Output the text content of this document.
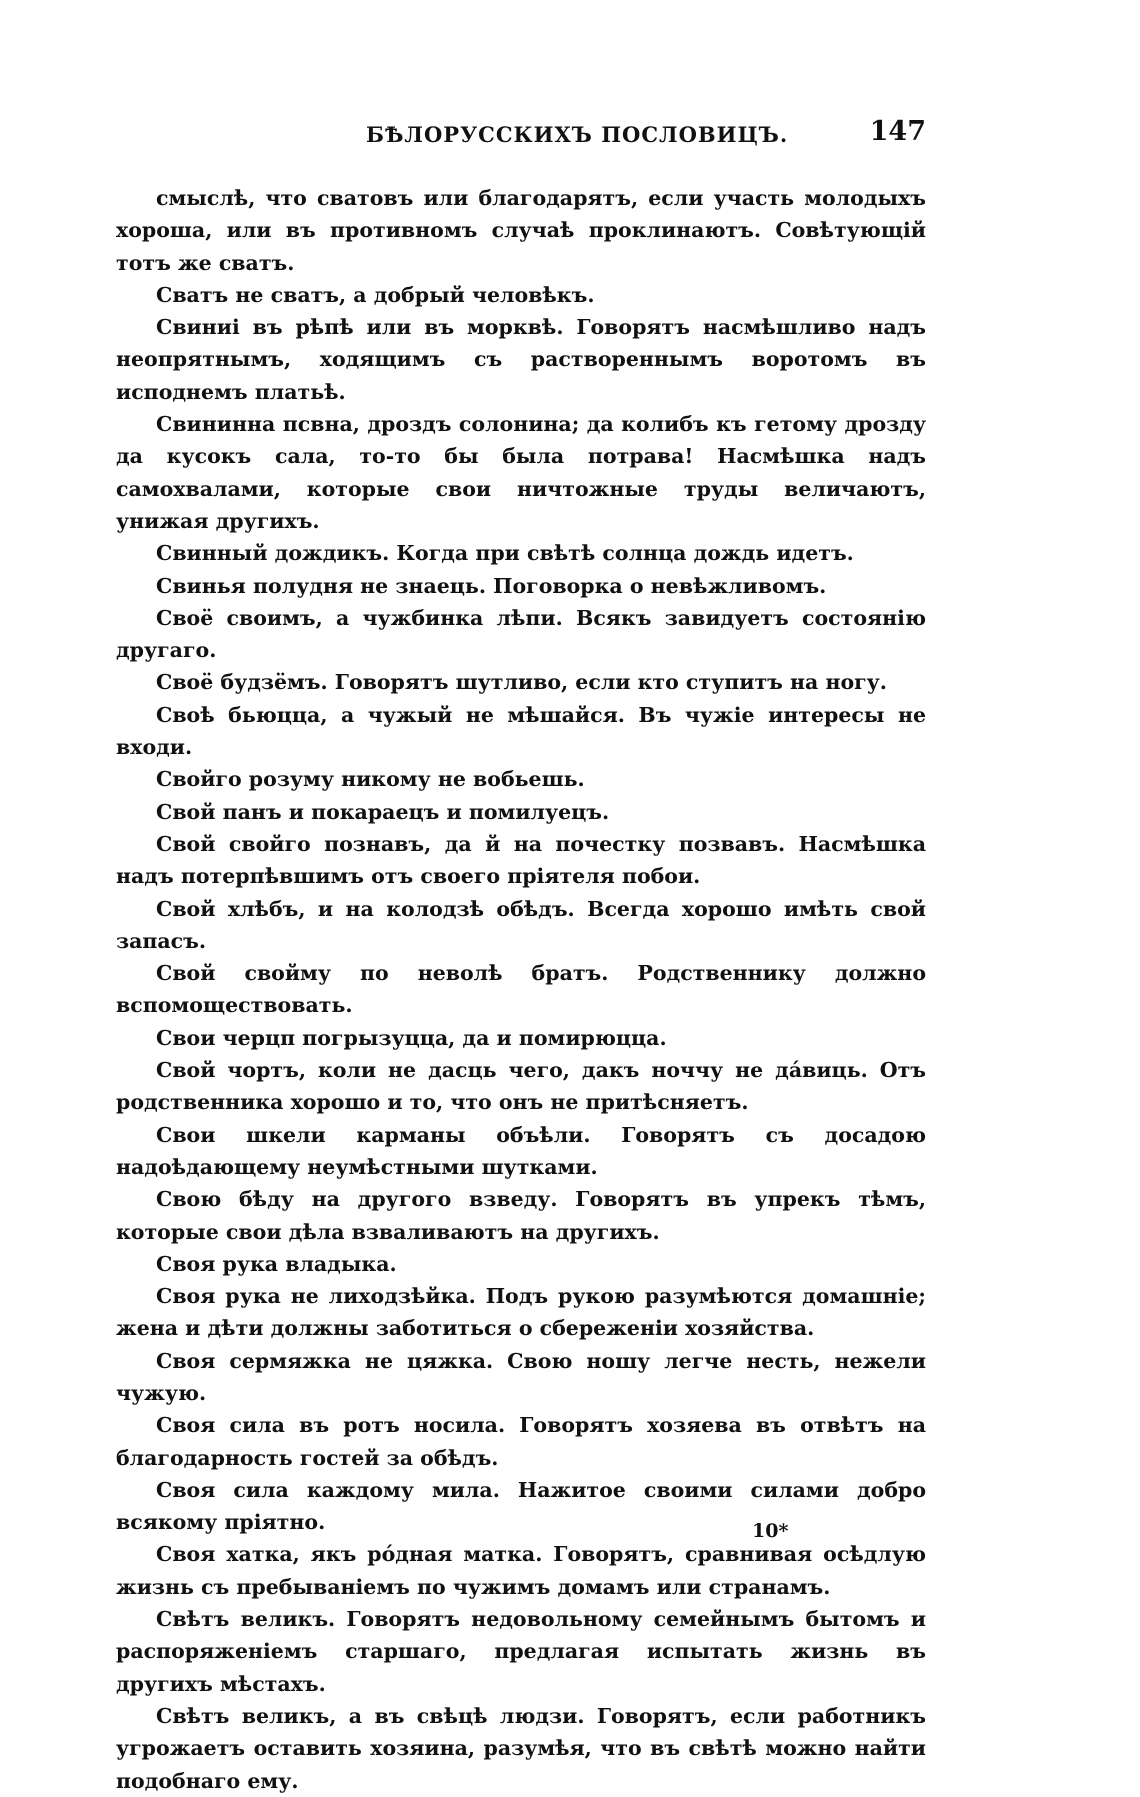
БѢЛОРУССКИХЪ ПОСЛОВИЦЪ.	147

смыслѣ, что сватовъ или благодарятъ, если участь молодыхъ хороша, или въ противномъ случаѣ проклинаютъ. Совѣтующій тотъ же сватъ.

Сватъ не сватъ, а добрый человѣкъ.

Свиниi въ рѣпѣ или въ морквѣ. Говорятъ насмѣшливо надъ неопрятнымъ, ходящимъ съ раствореннымъ воротомъ въ исподнемъ платьѣ.

Свининна псвна, дроздъ солонина; да колибъ къ гетому дрозду да кусокъ сала, то-то бы была потрава! Насмѣшка надъ самохвалами, которые свои ничтожные труды величаютъ, унижая другихъ.

Свинный дождикъ. Когда при свѣтѣ солнца дождь идетъ.

Свинья полудня не знаець. Поговорка о невѣжливомъ.

Своё своимъ, а чужбинка лѣпи. Всякъ завидуетъ состоянію другаго.

Своё будзёмъ. Говорятъ шутливо, если кто ступитъ на ногу.

Своѣ бьюцца, а чужый не мѣшайся. Въ чужіе интересы не входи.

Свойго розуму никому не вобьешь.

Свой панъ и покараецъ и помилуецъ.

Свой свойго познавъ, да й на почестку позвавъ. Насмѣшка надъ потерпѣвшимъ отъ своего пріятеля побои.

Свой хлѣбъ, и на колодзѣ обѣдъ. Всегда хорошо имѣть свой запасъ.

Свой свойму по неволѣ братъ. Родственнику должно вспомоществовать.

Свои черцп погрызуцца, да и помирюцца.

Свой чортъ, коли не дасць чего, дакъ ноччу не дáвиць. Отъ родственника хорошо и то, что онъ не притѣсняетъ.

Свои шкели карманы объѣли. Говорятъ съ досадою надоѣдающему неумѣстными шутками.

Свою бѣду на другого взведу. Говорятъ въ упрекъ тѣмъ, которые свои дѣла взваливаютъ на другихъ.

Своя рука владыка.

Своя рука не лиходзѣйка. Подъ рукою разумѣются домашніе; жена и дѣти должны заботиться о сбереженіи хозяйства.

Своя сермяжка не цяжка. Свою ношу легче несть, нежели чужую.

Своя сила въ ротъ носила. Говорятъ хозяева въ отвѣтъ на благодарность гостей за обѣдъ.

Своя сила каждому мила. Нажитое своими силами добро всякому пріятно.

Своя хатка, якъ рóдная матка. Говорятъ, сравнивая осѣдлую жизнь съ пребываніемъ по чужимъ домамъ или странамъ.

Свѣтъ великъ. Говорятъ недовольному семейнымъ бытомъ и распоряженіемъ старшаго, предлагая испытать жизнь въ другихъ мѣстахъ.

Свѣтъ великъ, а въ свѣцѣ людзи. Говорятъ, если работникъ угрожаетъ оставить хозяина, разумѣя, что въ свѣтѣ можно найти подобнаго ему.

10*
